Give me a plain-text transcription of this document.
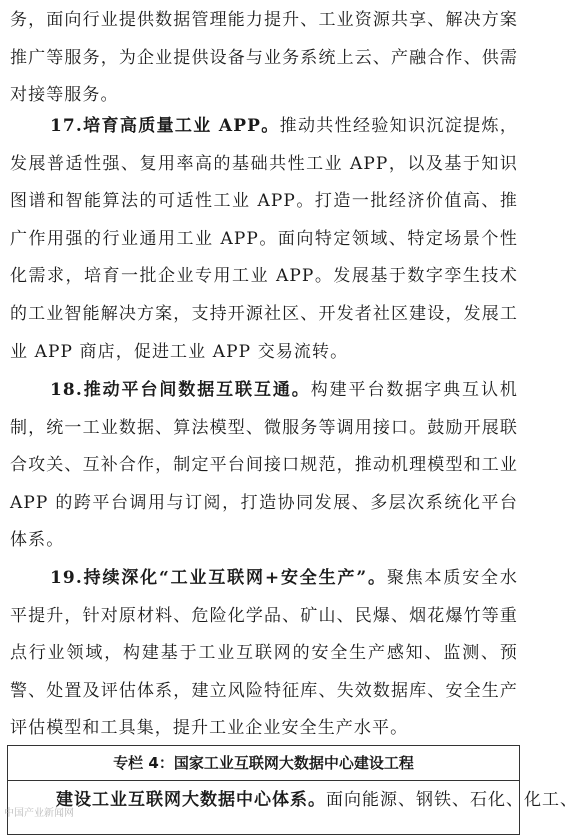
务，面向行业提供数据管理能力提升、工业资源共享、解决方案推广等服务，为企业提供设备与业务系统上云、产融合作、供需对接等服务。

17.培育高质量工业 APP。推动共性经验知识沉淀提炼，发展普适性强、复用率高的基础共性工业 APP，以及基于知识图谱和智能算法的可适性工业 APP。打造一批经济价值高、推广作用强的行业通用工业 APP。面向特定领域、特定场景个性化需求，培育一批企业专用工业 APP。发展基于数字孪生技术的工业智能解决方案，支持开源社区、开发者社区建设，发展工业 APP 商店，促进工业 APP 交易流转。

18.推动平台间数据互联互通。构建平台数据字典互认机制，统一工业数据、算法模型、微服务等调用接口。鼓励开展联合攻关、互补合作，制定平台间接口规范，推动机理模型和工业 APP 的跨平台调用与订阅，打造协同发展、多层次系统化平台体系。

19.持续深化“工业互联网+安全生产”。聚焦本质安全水平提升，针对原材料、危险化学品、矿山、民爆、烟花爆竹等重点行业领域，构建基于工业互联网的安全生产感知、监测、预警、处置及评估体系，建立风险特征库、失效数据库、安全生产评估模型和工具集，提升工业企业安全生产水平。

专栏 4：国家工业互联网大数据中心建设工程

建设工业互联网大数据中心体系。面向能源、钢铁、石化、化工、

中国产业新闻网
